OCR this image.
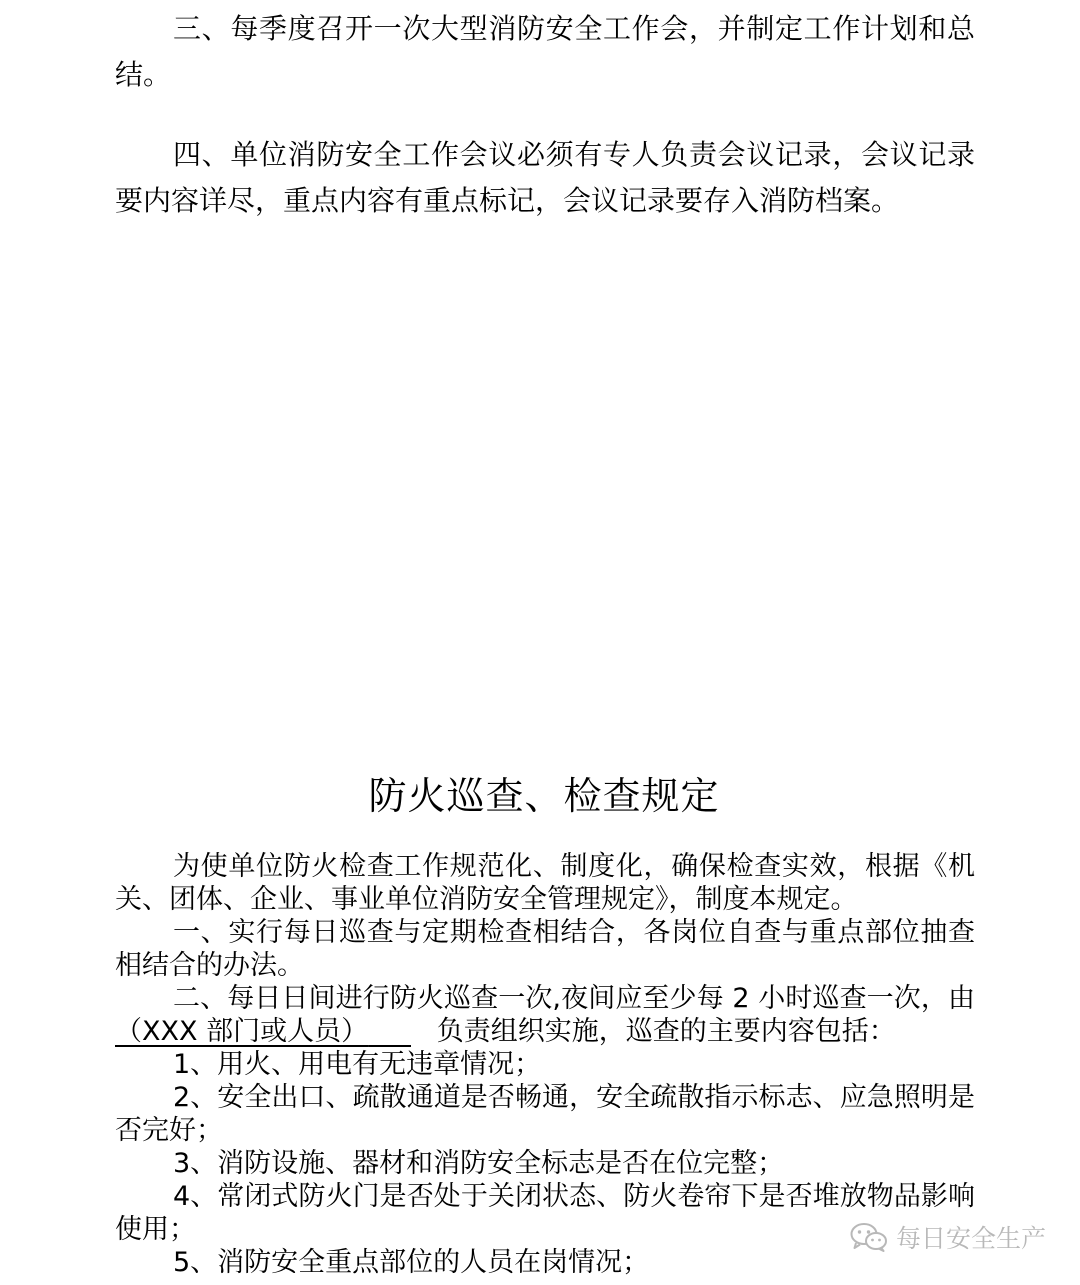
三、每季度召开一次大型消防安全工作会，并制定工作计划和总结。

四、单位消防安全工作会议必须有专人负责会议记录，会议记录要内容详尽，重点内容有重点标记，会议记录要存入消防档案。

防火巡查、检查规定

为使单位防火检查工作规范化、制度化，确保检查实效，根据《机关、团体、企业、事业单位消防安全管理规定》，制度本规定。

一、实行每日巡查与定期检查相结合，各岗位自查与重点部位抽查相结合的办法。

二、每日日间进行防火巡查一次,夜间应至少每 2 小时巡查一次，由（XXX 部门或人员）	负责组织实施，巡查的主要内容包括：

1、用火、用电有无违章情况；

2、安全出口、疏散通道是否畅通，安全疏散指示标志、应急照明是否完好；

3、消防设施、器材和消防安全标志是否在位完整；

4、常闭式防火门是否处于关闭状态、防火卷帘下是否堆放物品影响使用；

5、消防安全重点部位的人员在岗情况；

每日安全生产
